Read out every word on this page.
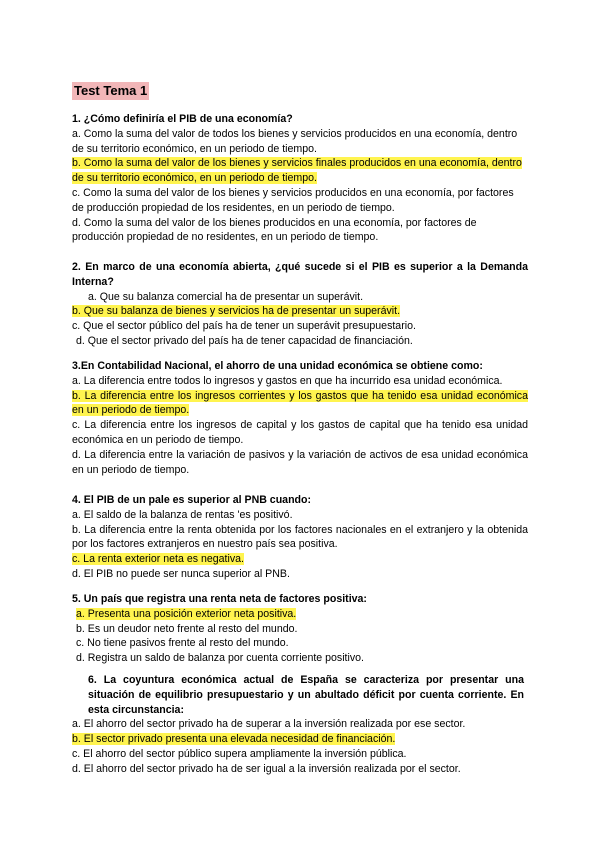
Test Tema 1
1. ¿Cómo definiría el PIB de una economía?
a. Como la suma del valor de todos los bienes y servicios producidos en una economía, dentro de su territorio económico, en un periodo de tiempo.
b. Como la suma del valor de los bienes y servicios finales producidos en una economía, dentro de su territorio económico, en un periodo de tiempo.
c. Como la suma del valor de los bienes y servicios producidos en una economía, por factores de producción propiedad de los residentes, en un periodo de tiempo.
d. Como la suma del valor de los bienes producidos en una economía, por factores de producción propiedad de no residentes, en un periodo de tiempo.
2. En marco de una economía abierta, ¿qué sucede si el PIB es superior a la Demanda Interna?
a. Que su balanza comercial ha de presentar un superávit.
b. Que su balanza de bienes y servicios ha de presentar un superávit.
c. Que el sector público del país ha de tener un superávit presupuestario.
d. Que el sector privado del país ha de tener capacidad de financiación.
3.En Contabilidad Nacional, el ahorro de una unidad económica se obtiene como:
a. La diferencia entre todos lo ingresos y gastos en que ha incurrido esa unidad económica.
b. La diferencia entre los ingresos corrientes y los gastos que ha tenido esa unidad económica en un periodo de tiempo.
c. La diferencia entre los ingresos de capital y los gastos de capital que ha tenido esa unidad económica en un periodo de tiempo.
d. La diferencia entre la variación de pasivos y la variación de activos de esa unidad económica en un periodo de tiempo.
4. El PIB de un pale es superior al PNB cuando:
a. El saldo de la balanza de rentas 'es positivó.
b. La diferencia entre la renta obtenida por los factores nacionales en el extranjero y la obtenida por los factores extranjeros en nuestro país sea positiva.
c. La renta exterior neta es negativa.
d. El PIB no puede ser nunca superior al PNB.
5. Un país que registra una renta neta de factores positiva:
a. Presenta una posición exterior neta positiva.
b. Es un deudor neto frente al resto del mundo.
c. No tiene pasivos frente al resto del mundo.
d. Registra un saldo de balanza por cuenta corriente positivo.
6. La coyuntura económica actual de España se caracteriza por presentar una situación de equilibrio presupuestario y un abultado déficit por cuenta corriente. En esta circunstancia:
a. El ahorro del sector privado ha de superar a la inversión realizada por ese sector.
b. El sector privado presenta una elevada necesidad de financiación.
c. El ahorro del sector público supera ampliamente la inversión pública.
d. El ahorro del sector privado ha de ser igual a la inversión realizada por el sector.
